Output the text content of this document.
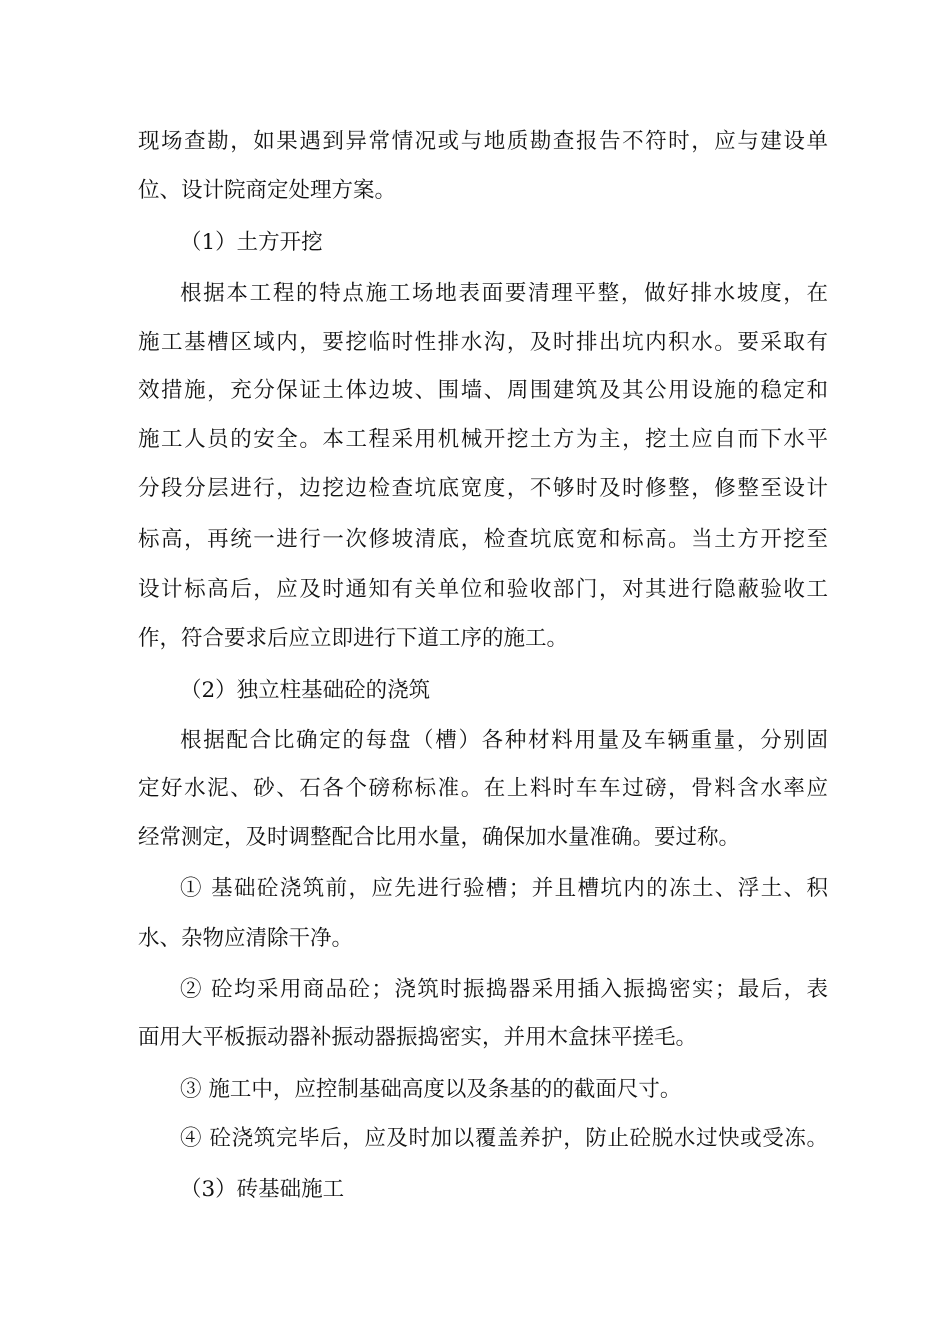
现场查勘，如果遇到异常情况或与地质勘查报告不符时，应与建设单
位、设计院商定处理方案。
（1）土方开挖
根据本工程的特点施工场地表面要清理平整，做好排水坡度，在
施工基槽区域内，要挖临时性排水沟，及时排出坑内积水。要采取有
效措施，充分保证土体边坡、围墙、周围建筑及其公用设施的稳定和
施工人员的安全。本工程采用机械开挖土方为主，挖土应自而下水平
分段分层进行，边挖边检查坑底宽度，不够时及时修整，修整至设计
标高，再统一进行一次修坡清底，检查坑底宽和标高。当土方开挖至
设计标高后，应及时通知有关单位和验收部门，对其进行隐蔽验收工
作，符合要求后应立即进行下道工序的施工。
（2）独立柱基础砼的浇筑
根据配合比确定的每盘（槽）各种材料用量及车辆重量，分别固
定好水泥、砂、石各个磅称标准。在上料时车车过磅，骨料含水率应
经常测定，及时调整配合比用水量，确保加水量准确。要过称。
① 基础砼浇筑前，应先进行验槽；并且槽坑内的冻土、浮土、积
水、杂物应清除干净。
② 砼均采用商品砼；浇筑时振捣器采用插入振捣密实；最后，表
面用大平板振动器补振动器振捣密实，并用木盒抹平搓毛。
③ 施工中，应控制基础高度以及条基的的截面尺寸。
④ 砼浇筑完毕后，应及时加以覆盖养护，防止砼脱水过快或受冻。
（3）砖基础施工
